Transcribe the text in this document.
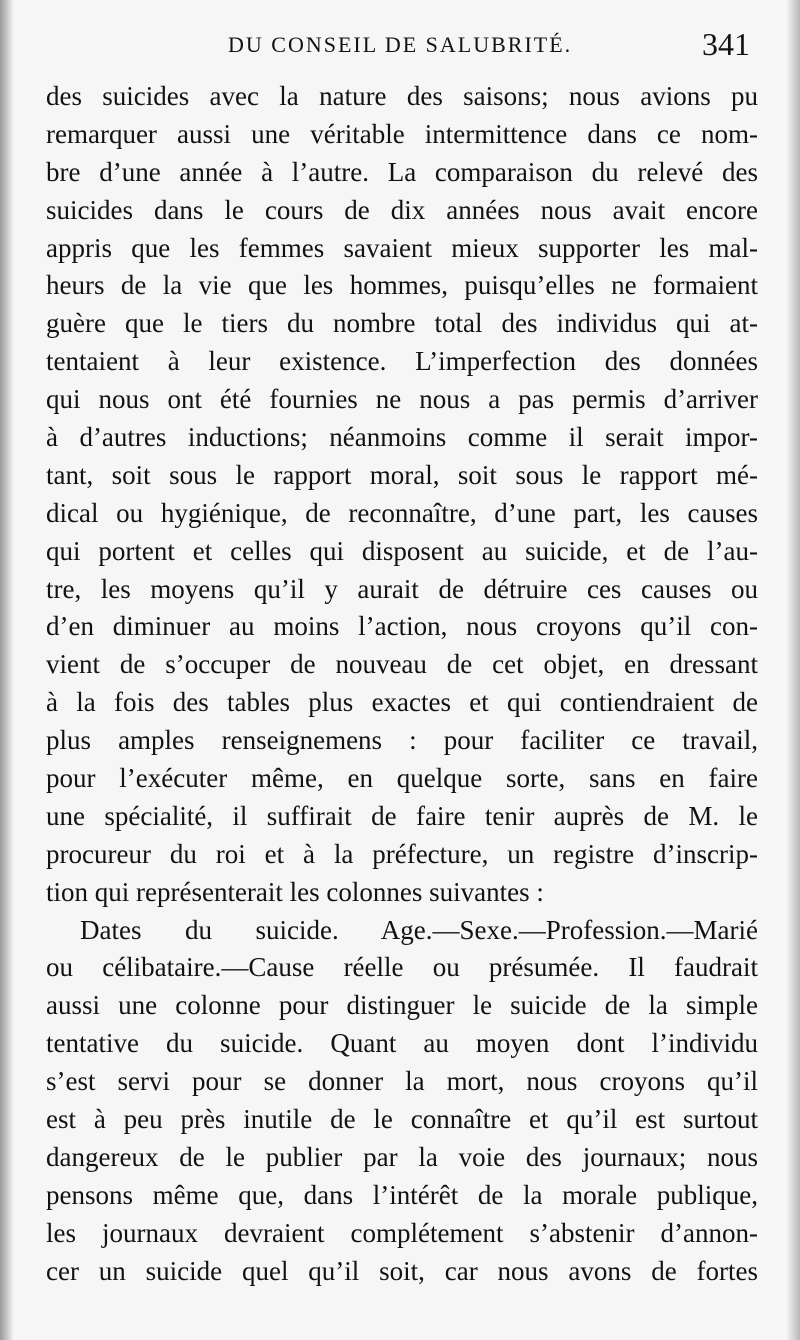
DU CONSEIL DE SALUBRITÉ.	341
des suicides avec la nature des saisons; nous avions pu
remarquer aussi une véritable intermittence dans ce nom-
bre d’une année à l’autre. La comparaison du relevé des
suicides dans le cours de dix années nous avait encore
appris que les femmes savaient mieux supporter les mal-
heurs de la vie que les hommes, puisqu’elles ne formaient
guère que le tiers du nombre total des individus qui at-
tentaient à leur existence. L’imperfection des données
qui nous ont été fournies ne nous a pas permis d’arriver
à d’autres inductions; néanmoins comme il serait impor-
tant, soit sous le rapport moral, soit sous le rapport mé-
dical ou hygiénique, de reconnaître, d’une part, les causes
qui portent et celles qui disposent au suicide, et de l’au-
tre, les moyens qu’il y aurait de détruire ces causes ou
d’en diminuer au moins l’action, nous croyons qu’il con-
vient de s’occuper de nouveau de cet objet, en dressant
à la fois des tables plus exactes et qui contiendraient de
plus amples renseignemens : pour faciliter ce travail,
pour l’exécuter même, en quelque sorte, sans en faire
une spécialité, il suffirait de faire tenir auprès de M. le
procureur du roi et à la préfecture, un registre d’inscrip-
tion qui représenterait les colonnes suivantes :
Dates du suicide. Age.—Sexe.—Profession.—Marié
ou célibataire.—Cause réelle ou présumée. Il faudrait
aussi une colonne pour distinguer le suicide de la simple
tentative du suicide. Quant au moyen dont l’individu
s’est servi pour se donner la mort, nous croyons qu’il
est à peu près inutile de le connaître et qu’il est surtout
dangereux de le publier par la voie des journaux; nous
pensons même que, dans l’intérêt de la morale publique,
les journaux devraient complétement s’abstenir d’annon-
cer un suicide quel qu’il soit, car nous avons de fortes
